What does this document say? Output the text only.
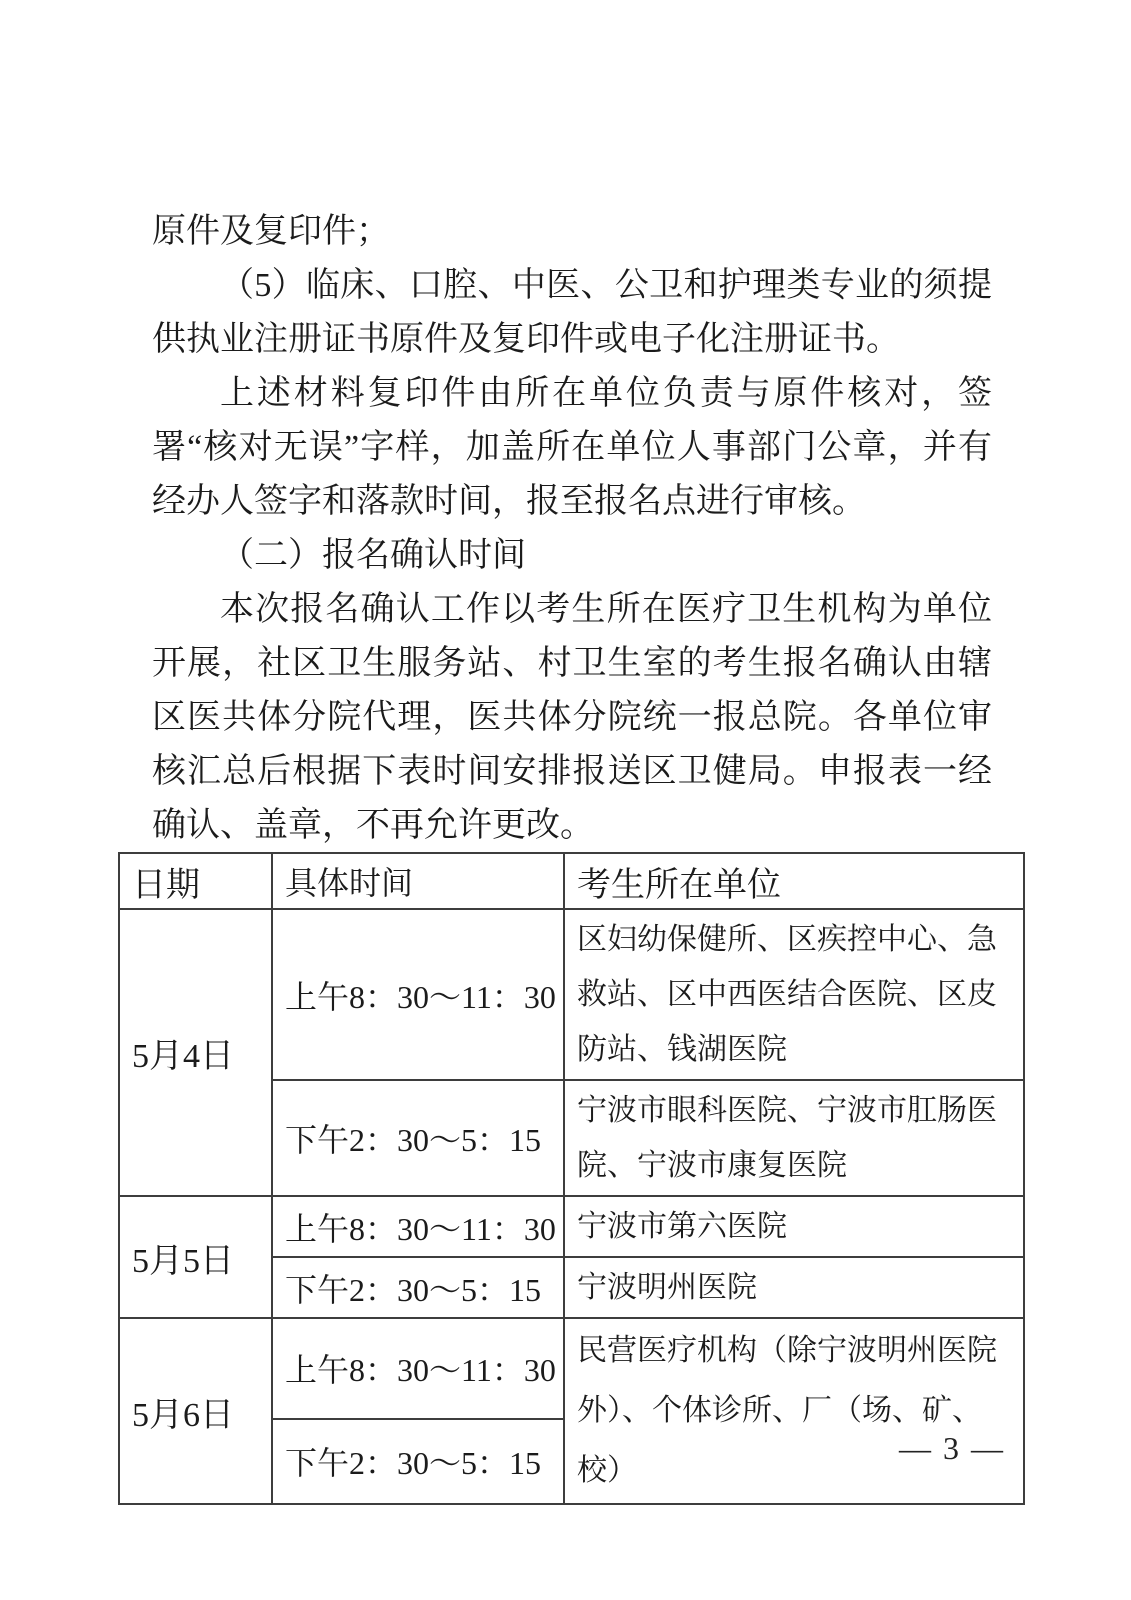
原件及复印件；

（5）临床、口腔、中医、公卫和护理类专业的须提供执业注册证书原件及复印件或电子化注册证书。

上述材料复印件由所在单位负责与原件核对，签署“核对无误”字样，加盖所在单位人事部门公章，并有经办人签字和落款时间，报至报名点进行审核。

（二）报名确认时间

本次报名确认工作以考生所在医疗卫生机构为单位开展，社区卫生服务站、村卫生室的考生报名确认由辖区医共体分院代理，医共体分院统一报总院。各单位审核汇总后根据下表时间安排报送区卫健局。申报表一经确认、盖章，不再允许更改。

日期	具体时间	考生所在单位
5月4日	上午8：30～11：30	区妇幼保健所、区疾控中心、急救站、区中西医结合医院、区皮防站、钱湖医院
	下午2：30～5：15	宁波市眼科医院、宁波市肛肠医院、宁波市康复医院
5月5日	上午8：30～11：30	宁波市第六医院
	下午2：30～5：15	宁波明州医院
5月6日	上午8：30～11：30	民营医疗机构（除宁波明州医院外）、个体诊所、厂（场、矿、校）
	下午2：30～5：15		— 3 —
